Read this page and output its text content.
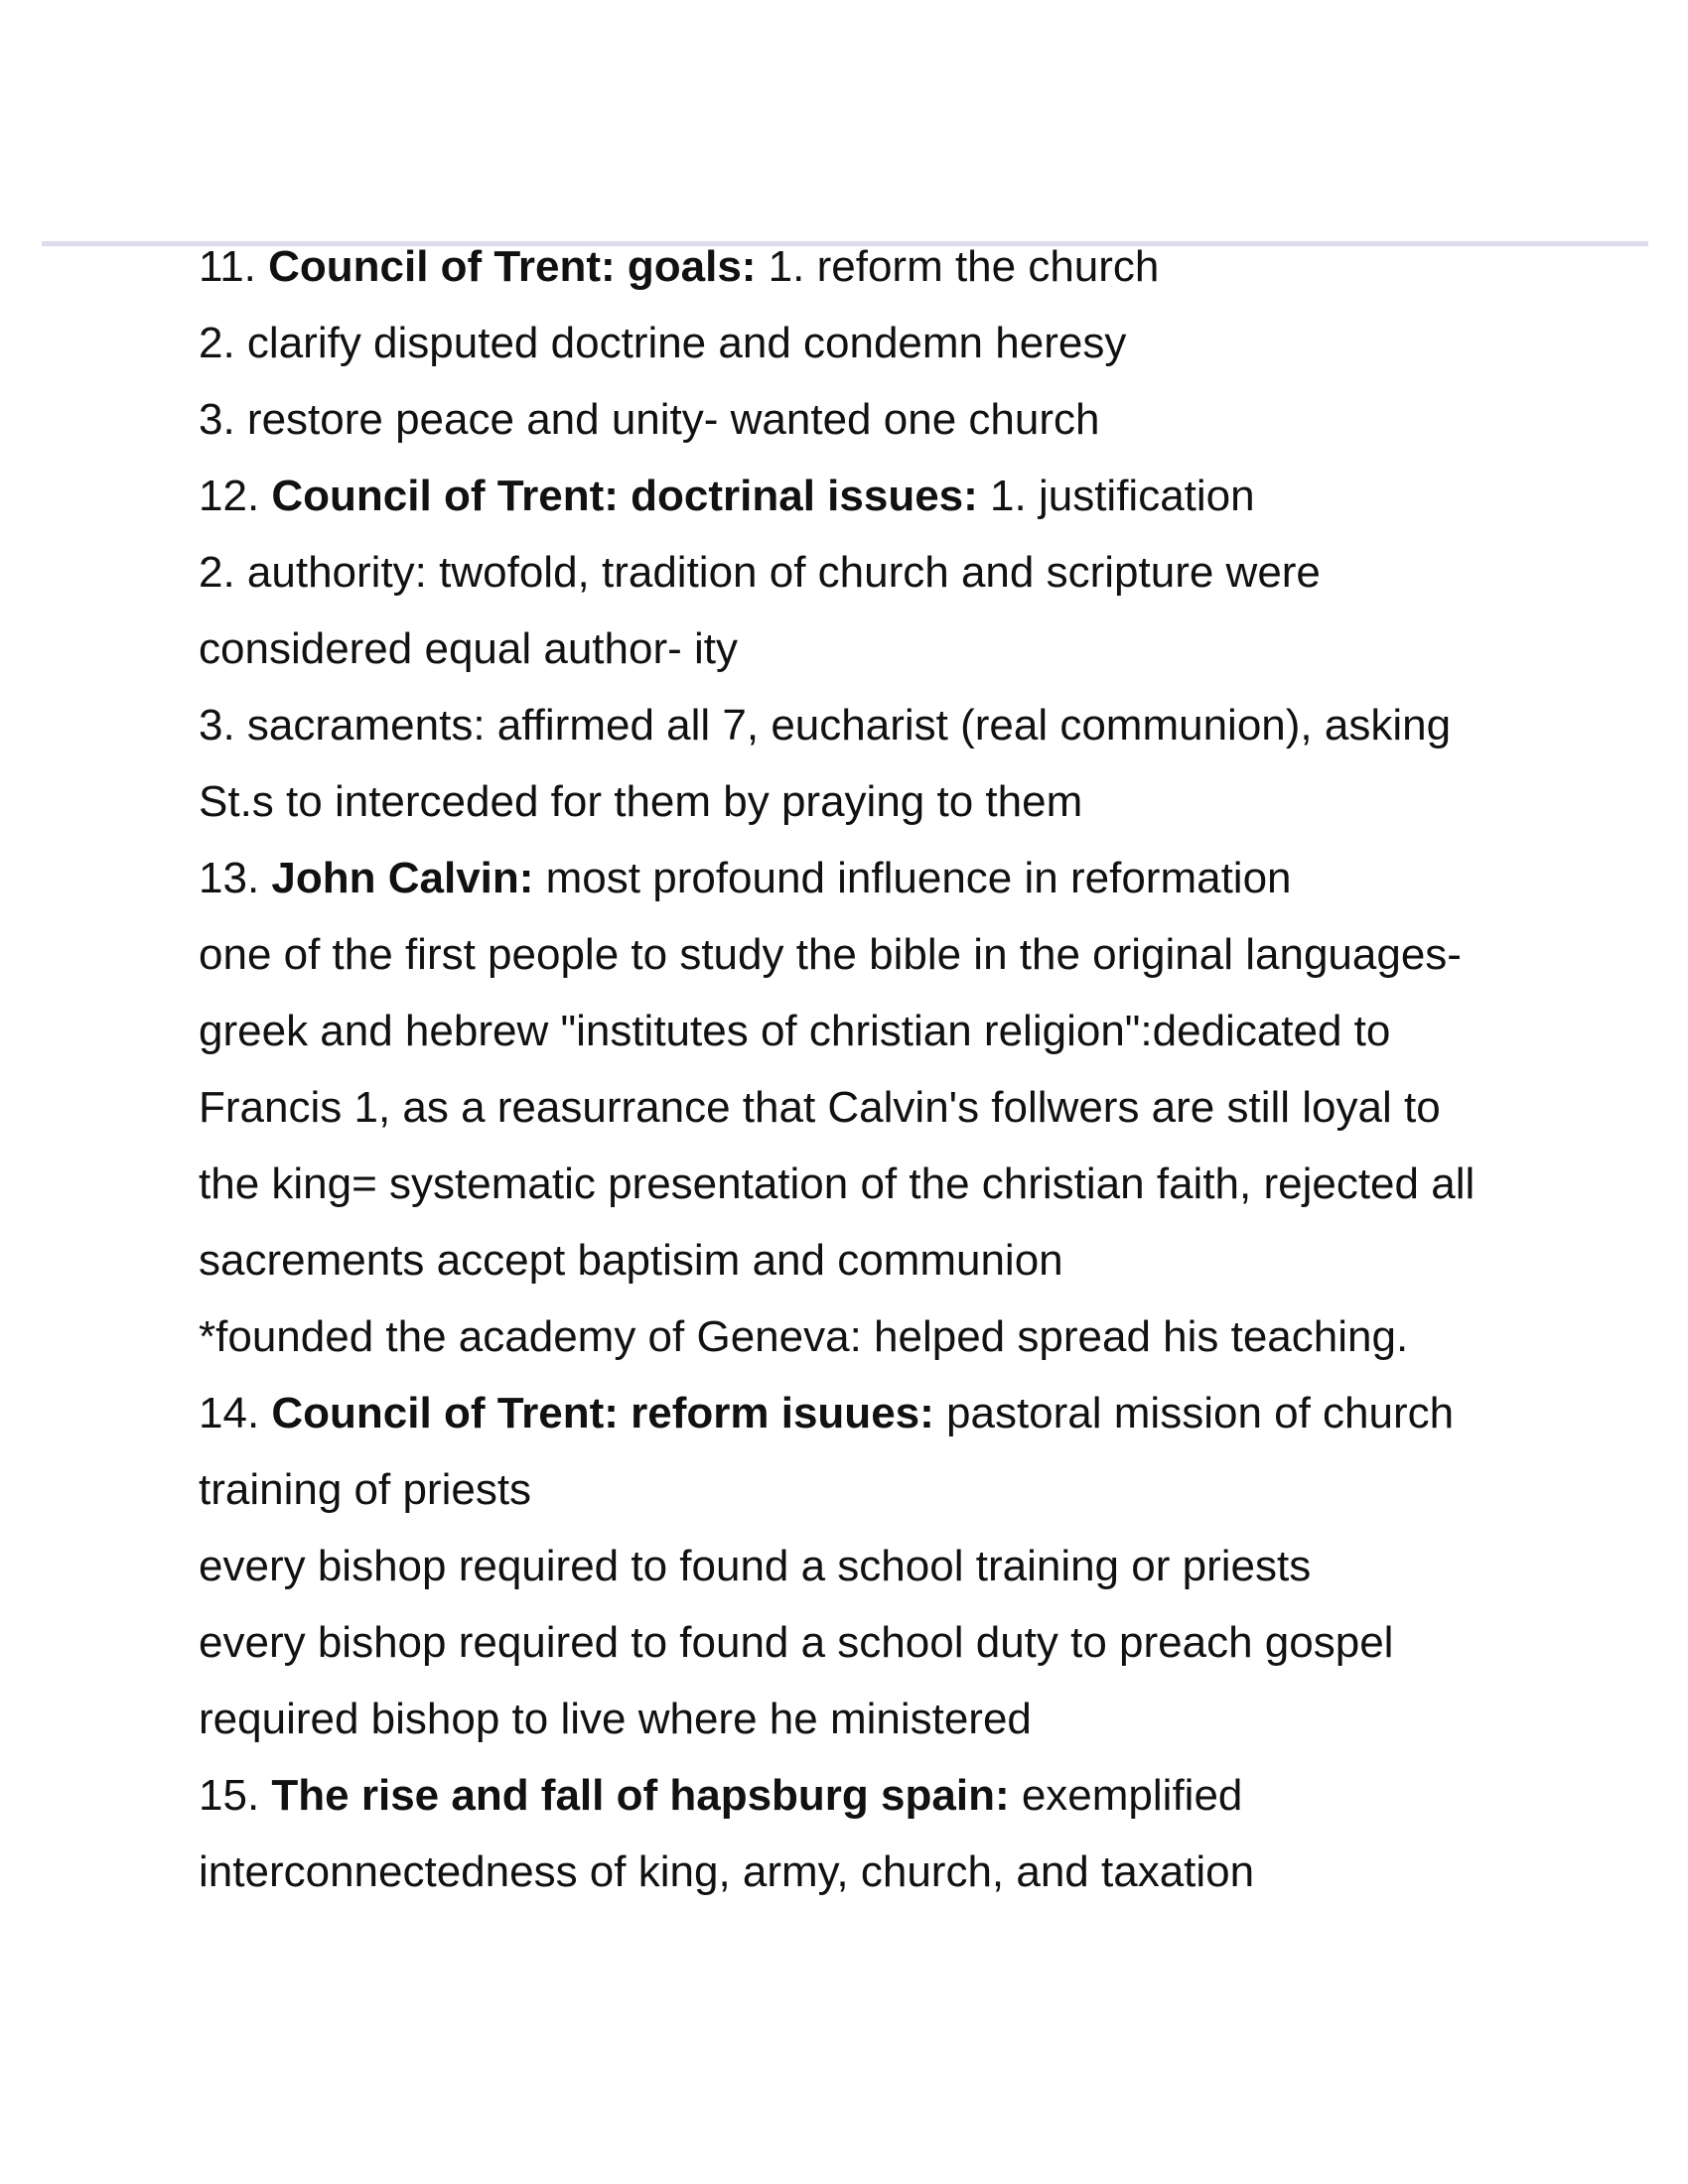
11. Council of Trent: goals: 1. reform the church
2. clarify disputed doctrine and condemn heresy
3. restore peace and unity- wanted one church
12. Council of Trent: doctrinal issues: 1. justification
2. authority: twofold, tradition of church and scripture were
considered equal author- ity
3. sacraments: affirmed all 7, eucharist (real communion), asking
St.s to interceded for them by praying to them
13. John Calvin: most profound influence in reformation
one of the first people to study the bible in the original languages-
greek and hebrew "institutes of christian religion":dedicated to
Francis 1, as a reasurrance that Calvin's follwers are still loyal to
the king= systematic presentation of the christian faith, rejected all
sacrements accept baptisim and communion
*founded the academy of Geneva: helped spread his teaching.
14. Council of Trent: reform isuues: pastoral mission of church
training of priests
every bishop required to found a school training or priests
every bishop required to found a school duty to preach gospel
required bishop to live where he ministered
15. The rise and fall of hapsburg spain: exemplified
interconnectedness of king, army, church, and taxation
